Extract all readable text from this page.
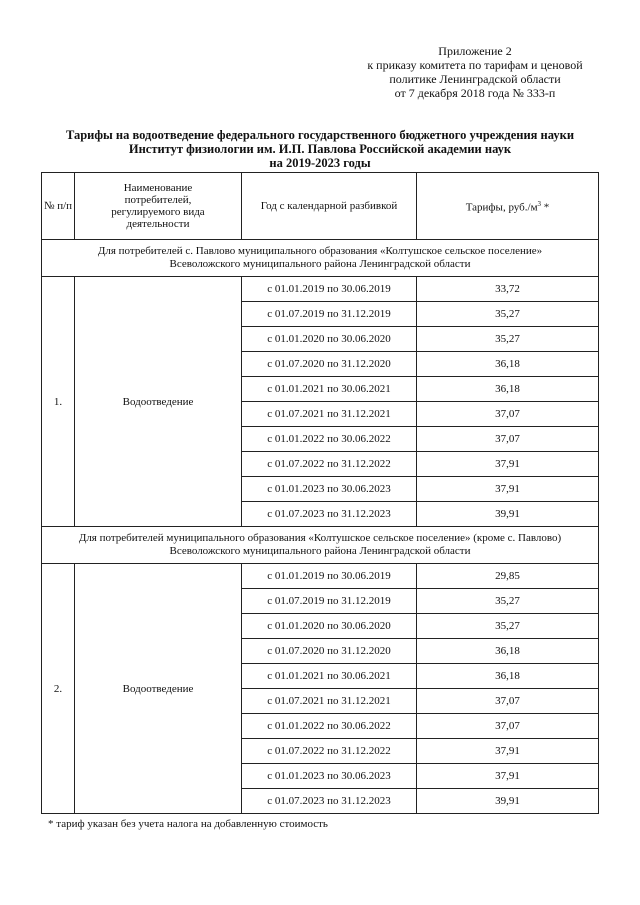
Приложение 2
к приказу комитета по тарифам и ценовой
политике Ленинградской области
от 7 декабря 2018 года № 333-п
Тарифы на водоотведение федерального государственного бюджетного учреждения науки
Институт физиологии им. И.П. Павлова Российской академии наук
на 2019-2023 годы
№ п/п	Наименование потребителей, регулируемого вида деятельности	Год с календарной разбивкой	Тарифы, $руб./м^3$ *

Для потребителей с. Павлово муниципального образования «Колтушское сельское поселение»
Всеволожского муниципального района Ленинградской области			

1.	Водоотведение	с 01.01.2019 по 30.06.2019	33,72
		с 01.07.2019 по 31.12.2019	35,27
		с 01.01.2020 по 30.06.2020	35,27
		с 01.07.2020 по 31.12.2020	36,18
		с 01.01.2021 по 30.06.2021	36,18
		с 01.07.2021 по 31.12.2021	37,07
		с 01.01.2022 по 30.06.2022	37,07
		с 01.07.2022 по 31.12.2022	37,91
		с 01.01.2023 по 30.06.2023	37,91
		с 01.07.2023 по 31.12.2023	39,91

Для потребителей муниципального образования «Колтушское сельское поселение» (кроме с. Павлово)
Всеволожского муниципального района Ленинградской области			

2.	Водоотведение	с 01.01.2019 по 30.06.2019	29,85
		с 01.07.2019 по 31.12.2019	35,27
		с 01.01.2020 по 30.06.2020	35,27
		с 01.07.2020 по 31.12.2020	36,18
		с 01.01.2021 по 30.06.2021	36,18
		с 01.07.2021 по 31.12.2021	37,07
		с 01.01.2022 по 30.06.2022	37,07
		с 01.07.2022 по 31.12.2022	37,91
		с 01.01.2023 по 30.06.2023	37,91
		с 01.07.2023 по 31.12.2023	39,91
* тариф указан без учета налога на добавленную стоимость
